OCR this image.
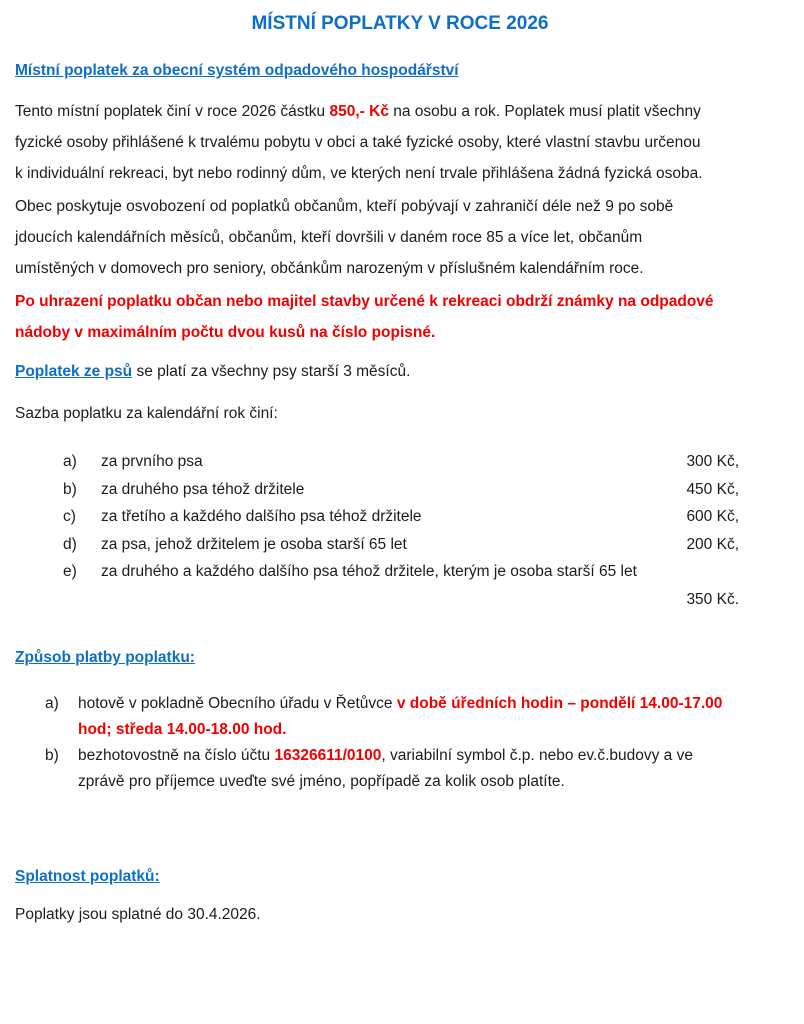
MÍSTNÍ POPLATKY V ROCE 2026
Místní poplatek za obecní systém odpadového hospodářství
Tento místní poplatek činí v roce 2026 částku 850,- Kč na osobu a rok. Poplatek musí platit všechny
fyzické osoby přihlášené k trvalému pobytu v obci a také fyzické osoby, které vlastní stavbu určenou
k individuální rekreaci, byt nebo rodinný dům, ve kterých není trvale přihlášena žádná fyzická osoba.
Obec poskytuje osvobození od poplatků občanům, kteří pobývají v zahraničí déle než 9 po sobě
jdoucích kalendářních měsíců, občanům, kteří dovršili v daném roce 85 a více let, občanům
umístěných v domovech pro seniory, občánkům narozeným v příslušném kalendářním roce.
Po uhrazení poplatku občan nebo majitel stavby určené k rekreaci obdrží známky na odpadové
nádoby v maximálním počtu dvou kusů na číslo popisné.
Poplatek ze psů se platí za všechny psy starší 3 měsíců.
Sazba poplatku za kalendářní rok činí:
a)	za prvního psa	300 Kč,
b)	za druhého psa téhož držitele	450 Kč,
c)	za třetího a každého dalšího psa téhož držitele	600 Kč,
d)	za psa, jehož držitelem je osoba starší 65 let	200 Kč,
e)	za druhého a každého dalšího psa téhož držitele, kterým je osoba starší 65 let
350 Kč.
Způsob platby poplatku:
a)	hotově v pokladně Obecního úřadu v Řetůvce v době úředních hodin – pondělí 14.00-17.00
hod; středa 14.00-18.00 hod.
b)	bezhotovostně na číslo účtu 16326611/0100, variabilní symbol č.p. nebo ev.č.budovy a ve
zprávě pro příjemce uveďte své jméno, popřípadě za kolik osob platíte.
Splatnost poplatků:
Poplatky jsou splatné do 30.4.2026.
